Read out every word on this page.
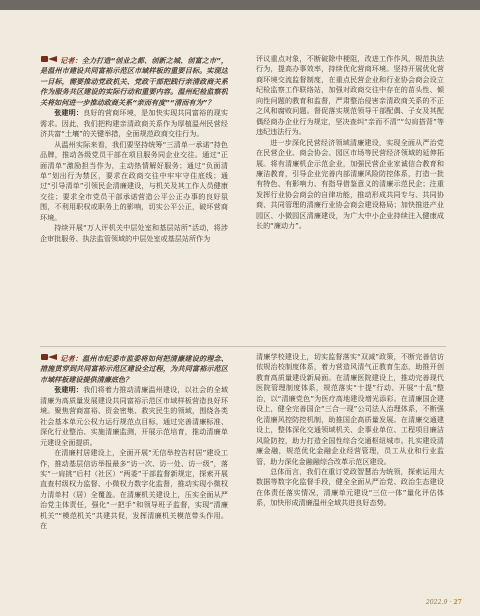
记者：全力打造“创业之都、创新之城、创富之市”，是温州市建设共同富裕示范区市域样板的重要目标。实现这一目标，需要推动党政机关、党政干部把践行亲清政商关系作为服务共区建设的实际行动和重要内容。温州纪检监察机关将如何进一步推动政商关系“亲而有度”“清而有为”？

张建明：良好的营商环境，是加快实现共同富裕的现实需求。因此，我们把构建亲清政商关系作为厚植温州民营经济共富“土壤”的关键举措，全面规范政商交往行为。

从温州实际来看，我们要坚持统筹“三清单一承诺”持色品牌，推动各级党员干部在项目服务同企业交往。通过“正面清单”激励担当作为，主动热情解好服务；通过“负面清单”划出行为禁区，要求在政商交往中牢牢守住底线；通过“引导清单”引领民企清廉建设，与机关及其工作人员健康交往；要求全市党员干部承诺营造公平公正办事的良好氛围，不利用职权或职务上的影响，切实公平公正，破坏营商环境。

持续开展“万人评机关中层处室和基层站所”活动，将涉企审批服务、执法监管领域的中层处室或基层站所作为

评议重点对象，不断破除中梗阻，改进工作作风，规范执法行为，提高办事效率，持续优化营商环境。坚持开展优化营商环境交流监督制度，在重点民营企业和行业协会商会设立纪检监察工作联络站，加强对政商交往中存在的苗头性、倾向性问题的教育和监督，严肃整治侵害亲清政商关系的不正之风和腐败问题。督促落实规范领导干部配偶、子女及其配偶经商办企业行为规定，坚决查纠“亲而不清”“勾肩搭背”等违纪违法行为。

进一步深化民营经济领域清廉建设，实现全面从严治党在民营企业、商会协会、园区市场等民营经济领域的延伸拓展。将有清廉机企示范企业，加强民营企业家诚信合教育和廉洁教育，引导企业完善内部清廉风险防控体系，打造一批有特色、有影响力、有指导借鉴意义的清廉示范民企；注重发挥行业协会商会的自律功能，推动形成共同专与、共同协商、共同管理的清廉行业协会商会建设格局；加快推进产业园区、小微园区清廉建设，为广大中小企业持续注入健康成长的“廉动力”。

记者：温州市纪委市监委将如何把清廉建设的理念、措施贯穿到共同富裕示范区建设全过程，为共同富裕示范区市域样板建设提供清廉底色？

张建明：我们将着力推动清廉温州建设，以社会的全域清廉为高质量发展建设共同富裕示范区市域样板营造良好环境。聚焦营商富裕、资金密集、救灾民生的领域，围绕各类社会基本单元公权力运行规范点目标，通过完善清廉标准、深化行业整治、实施清廉监测，开展示范培育，推动清廉单元建设全面提质。

在清廉村居建设上，全面开展“无信举控告村居”建设工作，推动基层信访举报最多“访一次、访一处、访一级”，落实“一肩挑”后村（社区）“两委”干部监督新规定，探索开展直查村级权力监督、小微权力数字化监督，推动实现小微权力清单村（居）全覆盖。在清廉机关建设上，压实全面从严治党主体责任，强化“一把手”和领导班子监督，实现“清廉机关”“模范机关”共建共促，发挥清廉机关模范带头作用。在

清廉学校建设上，切实监督落实“双减”政策，不断完善信访依规治校制度体系，着力营造风清气正教育生态，助推开创教育高质量建设新局面。在清廉医院建设上，推动完善现代医院管理制度体系，规范落实“十提”行动、开展“十乱”整治，以“清廉党色”为医疗高地建设增光添彩。在清廉国企建设上，健全完善国企“三合一现”公司法人治理体系，不断强化清廉风控防控机制，助推国企高质量发展。在清廉交通建设上，整体深化交通领域机关、企事业单位、工程项目廉洁风险防控，助力打造全国性综合交通枢纽城市。扎实建设清廉金融，规范优化金融企业经营管理，员工从业和行业监管，助力深化金融融综合改革示范区建设。

总体而言，我们在重订党政智慧治为统领，探索运用大数据等数字化监督手段，健全全面从严治党、政治生态建设在体责任落实情况，清廉单元建设“三位一体”量化评估体系，加快形成清廉温州全域共进良好态势。

2022.9 · 27
